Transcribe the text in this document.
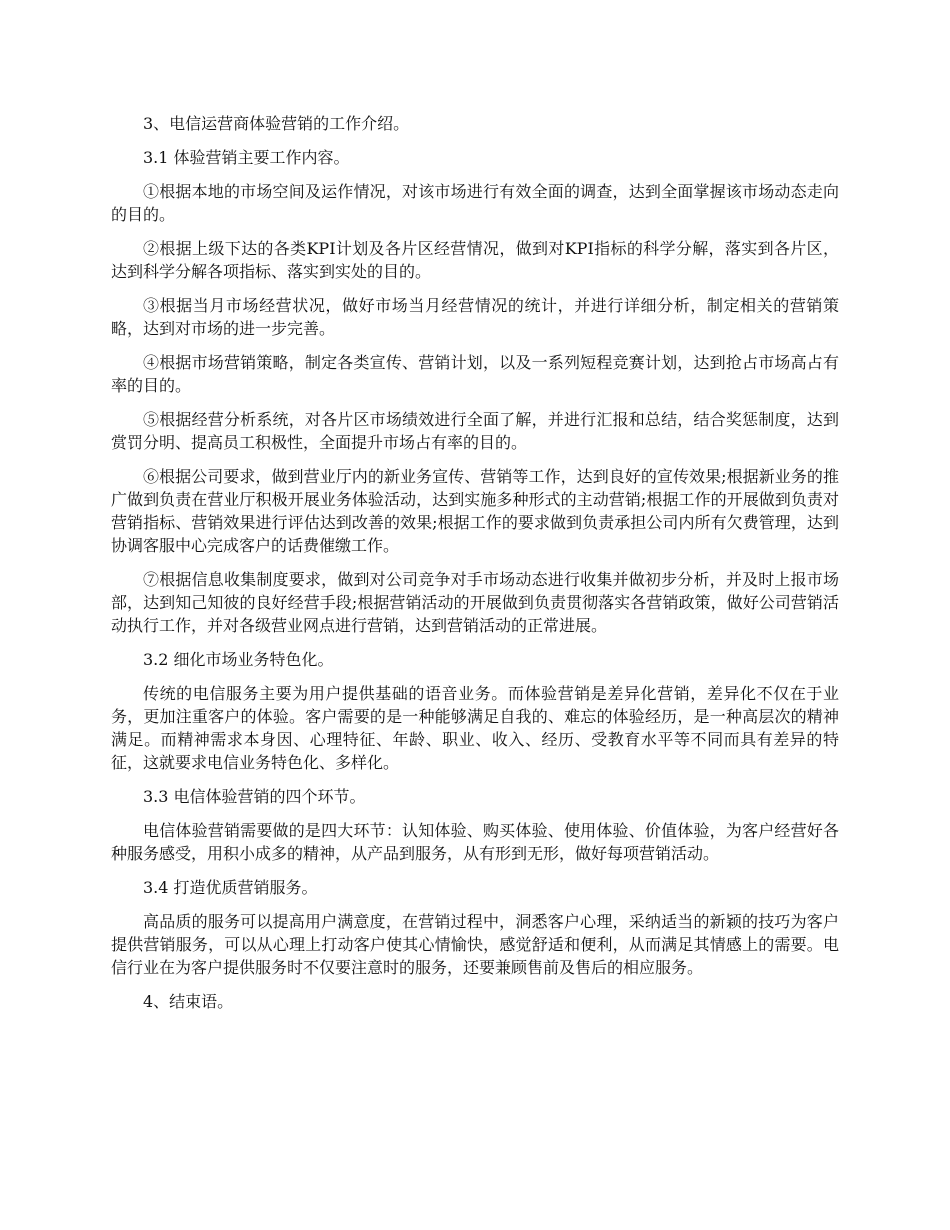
3、电信运营商体验营销的工作介绍。

3.1 体验营销主要工作内容。

①根据本地的市场空间及运作情况，对该市场进行有效全面的调查，达到全面掌握该市场动态走向的目的。

②根据上级下达的各类KPI计划及各片区经营情况，做到对KPI指标的科学分解，落实到各片区，达到科学分解各项指标、落实到实处的目的。

③根据当月市场经营状况，做好市场当月经营情况的统计，并进行详细分析，制定相关的营销策略，达到对市场的进一步完善。

④根据市场营销策略，制定各类宣传、营销计划，以及一系列短程竞赛计划，达到抢占市场高占有率的目的。

⑤根据经营分析系统，对各片区市场绩效进行全面了解，并进行汇报和总结，结合奖惩制度，达到赏罚分明、提高员工积极性，全面提升市场占有率的目的。

⑥根据公司要求，做到营业厅内的新业务宣传、营销等工作，达到良好的宣传效果;根据新业务的推广做到负责在营业厅积极开展业务体验活动，达到实施多种形式的主动营销;根据工作的开展做到负责对营销指标、营销效果进行评估达到改善的效果;根据工作的要求做到负责承担公司内所有欠费管理，达到协调客服中心完成客户的话费催缴工作。

⑦根据信息收集制度要求，做到对公司竞争对手市场动态进行收集并做初步分析，并及时上报市场部，达到知己知彼的良好经营手段;根据营销活动的开展做到负责贯彻落实各营销政策，做好公司营销活动执行工作，并对各级营业网点进行营销，达到营销活动的正常进展。

3.2 细化市场业务特色化。

传统的电信服务主要为用户提供基础的语音业务。而体验营销是差异化营销，差异化不仅在于业务，更加注重客户的体验。客户需要的是一种能够满足自我的、难忘的体验经历，是一种高层次的精神满足。而精神需求本身因、心理特征、年龄、职业、收入、经历、受教育水平等不同而具有差异的特征，这就要求电信业务特色化、多样化。

3.3 电信体验营销的四个环节。

电信体验营销需要做的是四大环节：认知体验、购买体验、使用体验、价值体验，为客户经营好各种服务感受，用积小成多的精神，从产品到服务，从有形到无形，做好每项营销活动。

3.4 打造优质营销服务。

高品质的服务可以提高用户满意度，在营销过程中，洞悉客户心理，采纳适当的新颖的技巧为客户提供营销服务，可以从心理上打动客户使其心情愉快，感觉舒适和便利，从而满足其情感上的需要。电信行业在为客户提供服务时不仅要注意时的服务，还要兼顾售前及售后的相应服务。

4、结束语。
